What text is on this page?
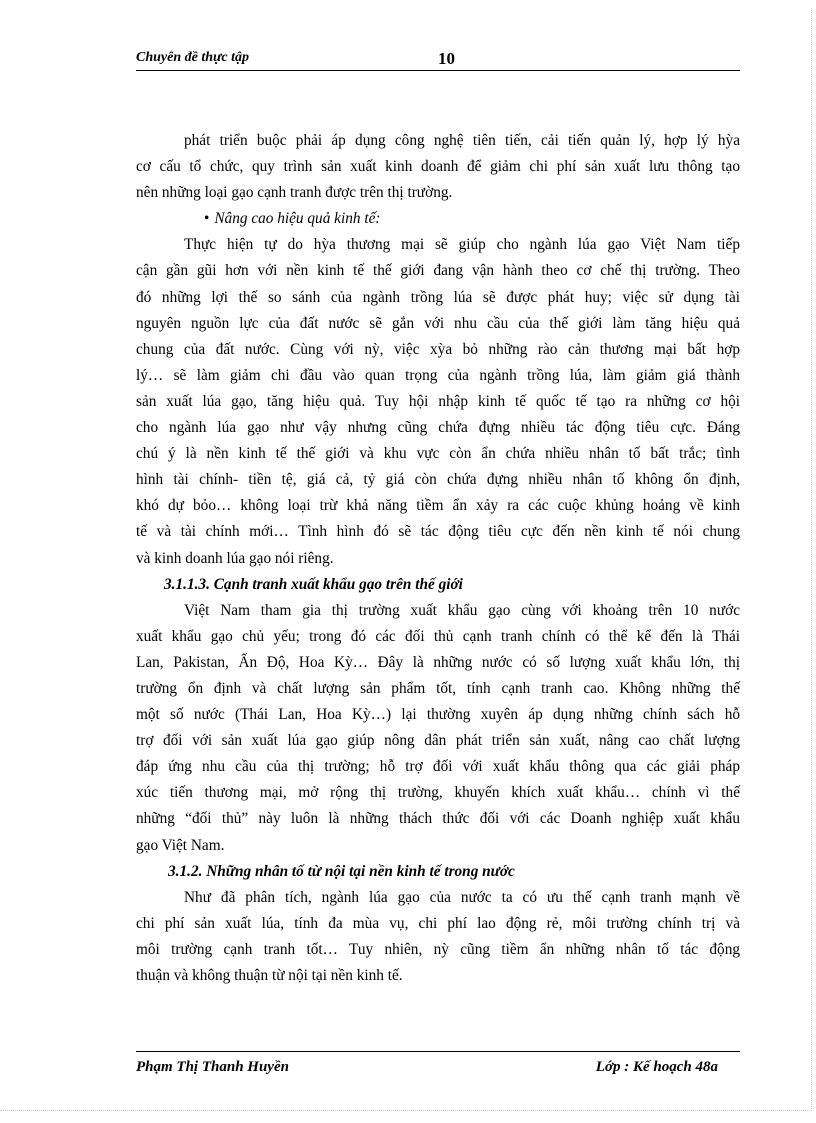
Chuyên đề thực tập	10

phát triển buộc phải áp dụng công nghệ tiên tiến, cải tiến quản lý, hợp lý hỳa

cơ cấu tổ chức, quy trình sản xuất kinh doanh để giảm chi phí sản xuất lưu thông tạo

nên những loại gạo cạnh tranh được trên thị trường.

• Nâng cao hiệu quả kinh tế:

Thực hiện tự do hỳa thương mại sẽ giúp cho ngành lúa gạo Việt Nam tiếp

cận gần gũi hơn với nền kinh tế thế giới đang vận hành theo cơ chế thị trường. Theo

đó những lợi thế so sánh của ngành trồng lúa sẽ được phát huy; việc sử dụng tài

nguyên nguồn lực của đất nước sẽ gắn với nhu cầu của thế giới làm tăng hiệu quả

chung của đất nước. Cùng với nỳ, việc xỳa bỏ những rào cản thương mại bất hợp

lý… sẽ làm giảm chi đầu vào quan trọng của ngành trồng lúa, làm giảm giá thành

sản xuất lúa gạo, tăng hiệu quả. Tuy hội nhập kinh tế quốc tế tạo ra những cơ hội

cho ngành lúa gạo như vậy nhưng cũng chứa đựng nhiều tác động tiêu cực. Đáng

chú ý là nền kinh tế thế giới và khu vực còn ẩn chứa nhiều nhân tố bất trắc; tình

hình tài chính- tiền tệ, giá cả, tỷ giá còn chứa đựng nhiều nhân tố không ổn định,

khó dự bỏo… không loại trừ khả năng tiềm ẩn xảy ra các cuộc khủng hoảng về kinh

tế và tài chính mới… Tình hình đó sẽ tác động tiêu cực đến nền kinh tế nói chung

và kinh doanh lúa gạo nói riêng.

3.1.1.3. Cạnh tranh xuất khẩu gạo trên thế giới

Việt Nam tham gia thị trường xuất khẩu gạo cùng với khoảng trên 10 nước

xuất khẩu gạo chủ yếu; trong đó các đối thủ cạnh tranh chính có thể kể đến là Thái

Lan, Pakistan, Ấn Độ, Hoa Kỳ… Đây là những nước có số lượng xuất khẩu lớn, thị

trường ổn định và chất lượng sản phẩm tốt, tính cạnh tranh cao. Không những thế

một số nước (Thái Lan, Hoa Kỳ…) lại thường xuyên áp dụng những chính sách hỗ

trợ đối với sản xuất lúa gạo giúp nông dân phát triển sản xuất, nâng cao chất lượng

đáp ứng nhu cầu của thị trường; hỗ trợ đối với xuất khẩu thông qua các giải pháp

xúc tiến thương mại, mở rộng thị trường, khuyến khích xuất khẩu… chính vì thế

những “đối thủ” này luôn là những thách thức đối với các Doanh nghiệp xuất khẩu

gạo Việt Nam.

3.1.2. Những nhân tố từ nội tại nền kinh tế trong nước

Như đã phân tích, ngành lúa gạo của nước ta có ưu thế cạnh tranh mạnh về

chi phí sản xuất lúa, tính đa mùa vụ, chi phí lao động rẻ, môi trường chính trị và

môi trường cạnh tranh tốt… Tuy nhiên, nỳ cũng tiềm ẩn những nhân tố tác động

thuận và không thuận từ nội tại nền kinh tế.

Phạm Thị Thanh Huyền	Lớp : Kế hoạch 48a
